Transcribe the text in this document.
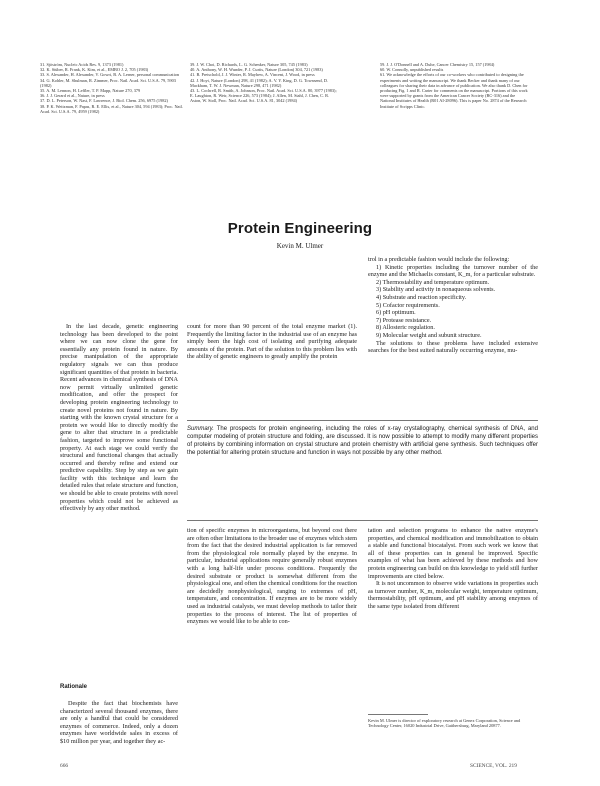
31. Sjöström, Nucleic Acids Res. 9, 1373 (1981)
32. K. Stüber, R. Frank, K. Kim, et al., EMBO J. 2, 705 (1983)
33. S. Alexander, H. Alexander, V. Gowri, B. A. Lerner, personal communication
34. G. Kohler, M. Shulman, R. Zimmer, Proc. Natl. Acad. Sci. U.S.A. 79, 5903 (1982)
35. A. M. Lennon, H. Leffler, T. P. Mapp, Nature 270, 379
36. J. J. Gerard et al., Nature, in press
37. D. L. Peterson, W. Nast, F. Lawrence, J. Biol. Chem. 256, 6975 (1982)
38. P. K. Weitzman, F. Papas, R. E. Ellis, et al., Nature 304, 594 (1983); Proc. Natl. Acad. Sci. U.S.A. 79, 4959 (1982)
39. J. W. Choi, D. Richards, L. G. Schenker, Nature 305, 745 (1983)
40. A. Anthony, W. H. Wunder, P. J. Curtis, Nature (London) 304, 721 (1983)
41. B. Pretschold, J. J. Winter, R. Mayhew, A. Vincent, J. Wood, in press
42. J. Hoyt, Nature (London) 298, 41 (1982); A. V. Y. King, D. G. Townsend, D. Mackham, T. W. J. Newman, Nature 298, 471 (1982)
43. L. Cochrell, R. Smith, A. Johnson, Proc. Natl. Acad. Sci. U.S.A. 80, 3977 (1983); E. Laughton, R. Weir, Science 226, 573 (1984); J. Allen, M. Stahl, J. Chen, C. R. Aston, W. Stoll, Proc. Natl. Acad. Sci. U.S.A. 81, 3042 (1984)
59. J. J. O'Donnell and A. Duhe, Cancer Chemistry 15, 157 (1984)
60. W. Connolly, unpublished results
61. We acknowledge the efforts of our co-workers who contributed to designing the experiments and writing the manuscript. We thank Becker and thank many of our colleagues for sharing their data in advance of publication. We also thank D. Chen for producing Fig. 1 and R. Carter for comments on the manuscript. Portions of this work were supported by grants from the American Cancer Society (BC-316) and the National Institutes of Health (R01 AI-28096). This is paper No. 2874 of the Research Institute of Scripps Clinic.
Protein Engineering
Kevin M. Ulmer

In the last decade, genetic engineering technology has been developed to the point where we can now clone the gene for essentially any protein found in nature. By precise manipulation of the appropriate regulatory signals we can thus produce significant quantities of that protein in bacteria. Recent advances in chemical synthesis of DNA now permit virtually unlimited genetic modification, and offer the prospect for developing protein engineering technology to create novel proteins not found in nature. By starting with the known crystal structure for a protein we would like to directly modify the gene to alter that structure in a predictable fashion, targeted to improve some functional property. At each stage we could verify the structural and functional changes that actually occurred and thereby refine and extend our predictive capability. Step by step as we gain facility with this technique and learn the detailed rules that relate structure and function, we should be able to create proteins with novel properties which could not be achieved as effectively by any other method.

Rationale

Despite the fact that biochemists have characterized several thousand enzymes, there are only a handful that could be considered enzymes of commerce. Indeed, only a dozen enzymes have worldwide sales in excess of $10 million per year, and together they ac-

666

count for more than 90 percent of the total enzyme market (1). Frequently the limiting factor in the industrial use of an enzyme has simply been the high cost of isolating and purifying adequate amounts of the protein. Part of the solution to this problem lies with the ability of genetic engineers to greatly amplify the protein

trol in a predictable fashion would include the following:

1) Kinetic properties including the turnover number of the enzyme and the Michaelis constant, K_m, for a particular substrate.
2) Thermostability and temperature optimum.
3) Stability and activity in nonaqueous solvents.
4) Substrate and reaction specificity.
5) Cofactor requirements.
6) pH optimum.
7) Protease resistance.
8) Allosteric regulation.
9) Molecular weight and subunit structure.

The solutions to these problems have included extensive searches for the best suited naturally occurring enzyme, mu-

Summary. The prospects for protein engineering, including the roles of x-ray crystallography, chemical synthesis of DNA, and computer modeling of protein structure and folding, are discussed. It is now possible to attempt to modify many different properties of proteins by combining information on crystal structure and protein chemistry with artificial gene synthesis. Such techniques offer the potential for altering protein structure and function in ways not possible by any other method.

tion of specific enzymes in microorganisms, but beyond cost there are often other limitations to the broader use of enzymes which stem from the fact that the desired industrial application is far removed from the physiological role normally played by the enzyme. In particular, industrial applications require generally robust enzymes with a long half-life under process conditions. Frequently the desired substrate or product is somewhat different from the physiological one, and often the chemical conditions for the reaction are decidedly nonphysiological, ranging to extremes of pH, temperature, and concentration. If enzymes are to be more widely used as industrial catalysts, we must develop methods to tailor their properties to the process of interest. The list of properties of enzymes we would like to be able to con-

tation and selection programs to enhance the native enzyme's properties, and chemical modification and immobilization to obtain a stable and functional biocatalyst. From such work we know that all of these properties can in general be improved. Specific examples of what has been achieved by these methods and how protein engineering can build on this knowledge to yield still further improvements are cited below.

It is not uncommon to observe wide variations in properties such as turnover number, K_m, molecular weight, temperature optimum, thermostability, pH optimum, and pH stability among enzymes of the same type isolated from different

Kevin M. Ulmer is director of exploratory research at Genex Corporation, Science and Technology Center, 16020 Industrial Drive, Gaithersburg, Maryland 20877.
SCIENCE, VOL. 219
